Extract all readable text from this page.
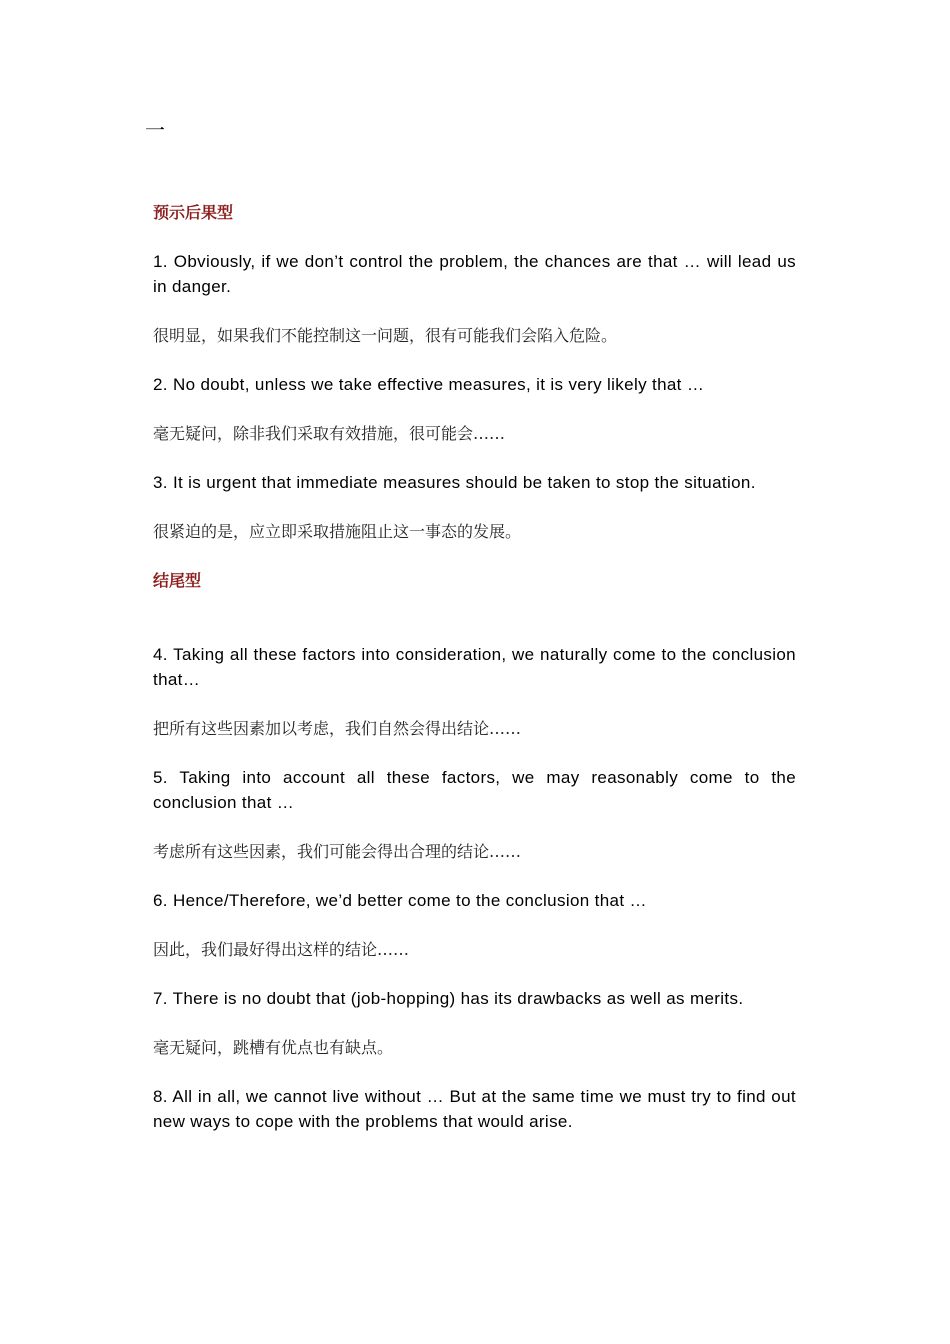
一
预示后果型

1. Obviously, if we don’t control the problem, the chances are that … will lead us in danger.

很明显，如果我们不能控制这一问题，很有可能我们会陷入危险。

2. No doubt, unless we take effective measures, it is very likely that …

毫无疑问，除非我们采取有效措施，很可能会……

3. It is urgent that immediate measures should be taken to stop the situation.

很紧迫的是，应立即采取措施阻止这一事态的发展。

结尾型

4. Taking all these factors into consideration, we naturally come to the conclusion that…

把所有这些因素加以考虑，我们自然会得出结论……

5. Taking into account all these factors, we may reasonably come to the conclusion that …

考虑所有这些因素，我们可能会得出合理的结论……

6. Hence/Therefore, we’d better come to the conclusion that …

因此，我们最好得出这样的结论……

7. There is no doubt that (job-hopping) has its drawbacks as well as merits.

毫无疑问，跳槽有优点也有缺点。

8. All in all, we cannot live without … But at the same time we must try to find out new ways to cope with the problems that would arise.
